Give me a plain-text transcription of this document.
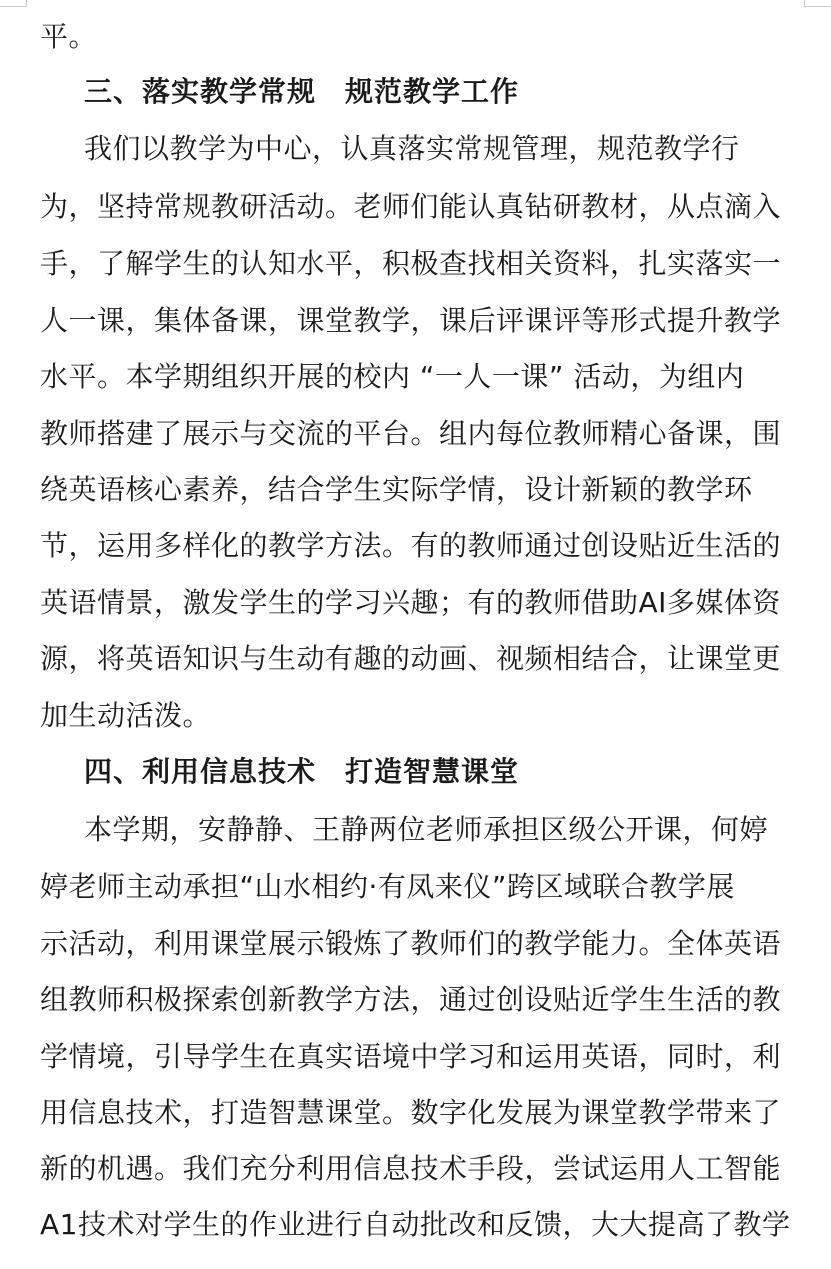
平。
三、落实教学常规　规范教学工作
我们以教学为中心，认真落实常规管理，规范教学行
为，坚持常规教研活动。老师们能认真钻研教材，从点滴入
手，了解学生的认知水平，积极查找相关资料，扎实落实一
人一课，集体备课，课堂教学，课后评课评等形式提升教学
水平。本学期组织开展的校内 “一人一课” 活动，为组内
教师搭建了展示与交流的平台。组内每位教师精心备课，围
绕英语核心素养，结合学生实际学情，设计新颖的教学环
节，运用多样化的教学方法。有的教师通过创设贴近生活的
英语情景，激发学生的学习兴趣；有的教师借助AI多媒体资
源，将英语知识与生动有趣的动画、视频相结合，让课堂更
加生动活泼。
四、利用信息技术　打造智慧课堂
本学期，安静静、王静两位老师承担区级公开课，何婷
婷老师主动承担“山水相约·有凤来仪”跨区域联合教学展
示活动，利用课堂展示锻炼了教师们的教学能力。全体英语
组教师积极探索创新教学方法，通过创设贴近学生生活的教
学情境，引导学生在真实语境中学习和运用英语，同时，利
用信息技术，打造智慧课堂。数字化发展为课堂教学带来了
新的机遇。我们充分利用信息技术手段，尝试运用人工智能
A1技术对学生的作业进行自动批改和反馈，大大提高了教学
